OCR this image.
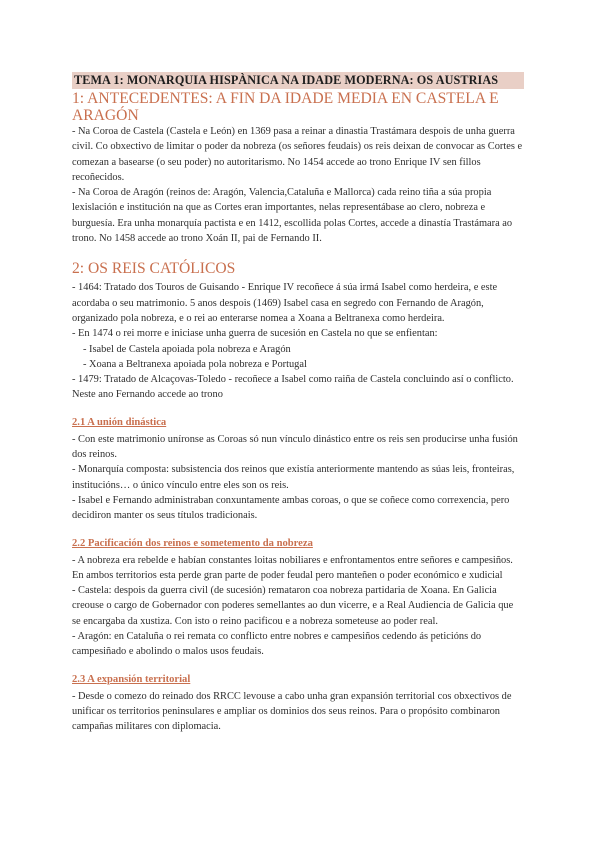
TEMA 1: MONARQUIA HISPÀNICA NA IDADE MODERNA: OS AUSTRIAS
1: ANTECEDENTES: A FIN DA IDADE MEDIA EN CASTELA E ARAGÓN

- Na Coroa de Castela (Castela e León) en 1369 pasa a reinar a dinastia Trastámara despois de unha guerra civil. Co obxectivo de limitar o poder da nobreza (os señores feudais) os reis deixan de convocar as Cortes e comezan a basearse (o seu poder) no autoritarismo. No 1454 accede ao trono Enrique IV sen fillos recoñecidos.

- Na Coroa de Aragón (reinos de: Aragón, Valencia,Cataluña e Mallorca) cada reino tiña a súa propia lexislación e institución na que as Cortes eran importantes, nelas representábase ao clero, nobreza e burguesía. Era unha monarquía pactista e en 1412, escollida polas Cortes, accede a dinastía Trastámara ao trono. No 1458 accede ao trono Xoán II, pai de Fernando II.

2: OS REIS CATÓLICOS

- 1464: Tratado dos Touros de Guisando - Enrique IV recoñece á súa irmá Isabel como herdeira, e este acordaba o seu matrimonio. 5 anos despois (1469) Isabel casa en segredo con Fernando de Aragón, organizado pola nobreza, e o rei ao enterarse nomea a Xoana a Beltranexa como herdeira.

- En 1474 o rei morre e iniciase unha guerra de sucesión en Castela no que se enfientan:

- Isabel de Castela apoiada pola nobreza e Aragón

- Xoana a Beltranexa apoiada pola nobreza e Portugal

- 1479: Tratado de Alcaçovas-Toledo - recoñece a Isabel como raiña de Castela concluindo así o conflicto. Neste ano Fernando accede ao trono

2.1 A unión dinástica

- Con este matrimonio uníronse as Coroas só nun vínculo dinástico entre os reis sen producirse unha fusión dos reinos.

- Monarquía composta: subsistencia dos reinos que existía anteriormente mantendo as súas leis, fronteiras, institucións… o único vínculo entre eles son os reis.

- Isabel e Fernando administraban conxuntamente ambas coroas, o que se coñece como correxencia, pero decidiron manter os seus títulos tradicionais.

2.2 Pacificación dos reinos e sometemento da nobreza

- A nobreza era rebelde e habían constantes loitas nobiliares e enfrontamentos entre señores e campesiños. En ambos territorios esta perde gran parte de poder feudal pero manteñen o poder económico e xudicial

- Castela: despois da guerra civil (de sucesión) remataron coa nobreza partidaria de Xoana. En Galicia creouse o cargo de Gobernador con poderes semellantes ao dun vicerre, e a Real Audiencia de Galicia que se encargaba da xustiza. Con isto o reino pacificou e a nobreza someteuse ao poder real.

- Aragón: en Cataluña o rei remata co conflicto entre nobres e campesiños cedendo ás peticións do campesiñado e abolindo o malos usos feudais.

2.3 A expansión territorial

- Desde o comezo do reinado dos RRCC levouse a cabo unha gran expansión territorial cos obxectivos de unificar os territorios peninsulares e ampliar os dominios dos seus reinos. Para o propósito combinaron campañas militares con diplomacia.
